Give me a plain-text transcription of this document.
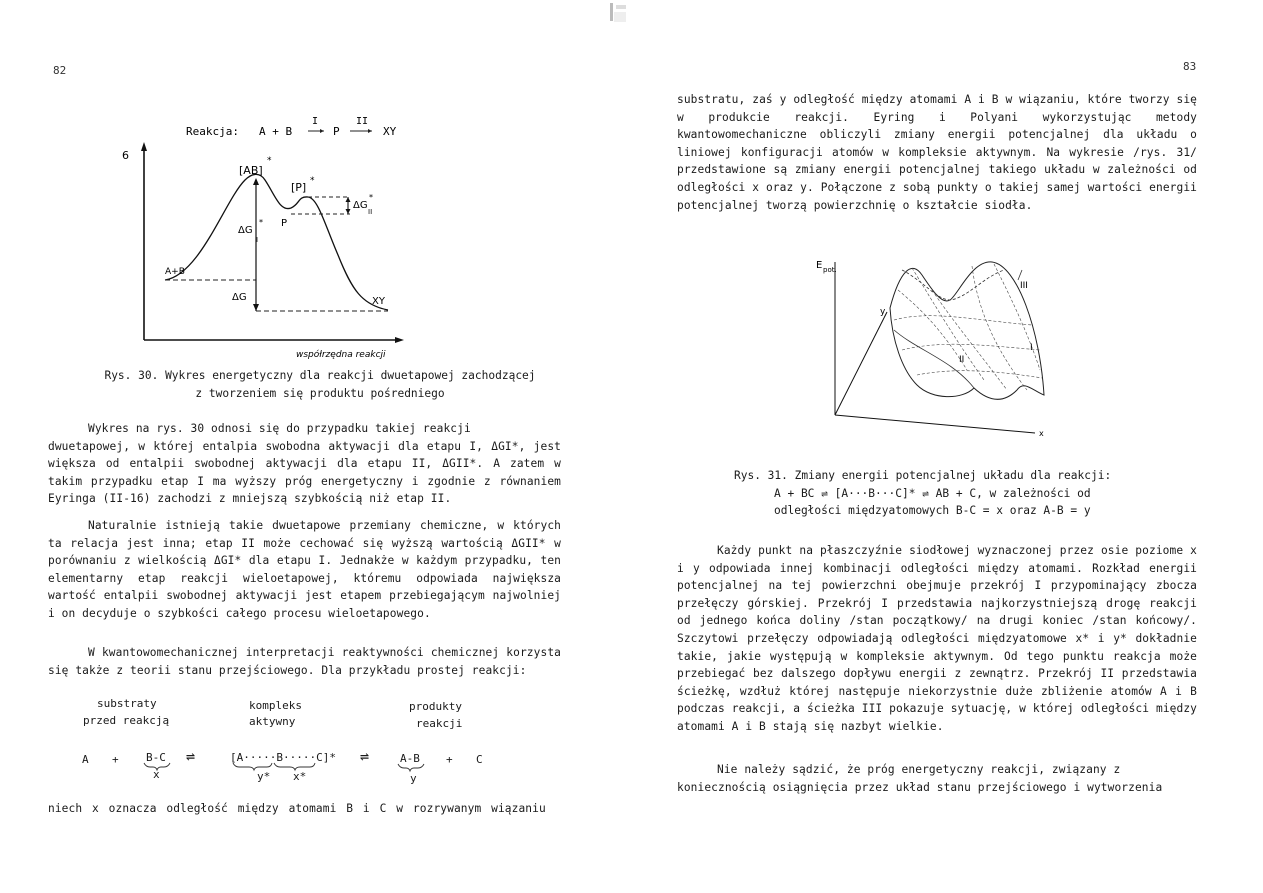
82
Reakcja: A + B
I
P
II
XY
6
współrzędna reakcji
[AB]
*
[P] *
P
A+B
XY
ΔG
I
*
ΔG
II
*
ΔG
Rys. 30. Wykres energetyczny dla reakcji dwuetapowej zachodzącej
z tworzeniem się produktu pośredniego
Wykres na rys. 30 odnosi się do przypadku takiej reakcji
dwuetapowej, w której entalpia swobodna aktywacji dla etapu I, ΔGI*, jest większa od entalpii swobodnej aktywacji dla etapu II, ΔGII*. A zatem w takim przypadku etap I ma wyższy próg energetyczny i zgodnie z równaniem Eyringa (II-16) zachodzi z mniejszą szybkością niż etap II.
Naturalnie istnieją takie dwuetapowe przemiany chemiczne, w których ta relacja jest inna; etap II może cechować się wyższą wartością ΔGII* w porównaniu z wielkością ΔGI* dla etapu I. Jednakże w każdym przypadku, ten elementarny etap reakcji wieloetapowej, któremu odpowiada największa wartość entalpii swobodnej aktywacji jest etapem przebiegającym najwolniej i on decyduje o szybkości całego procesu wieloetapowego.
W kwantowomechanicznej interpretacji reaktywności chemicznej korzysta się także z teorii stanu przejściowego. Dla przykładu prostej reakcji:
substraty
przed reakcją
kompleks
aktywny
produkty
reakcji
A + B-C
x
⇌	[A·····B·····C]*
y* x*
⇌	A-B
y
+ C
niech x oznacza odległość między atomami B i C w rozrywanym wiązaniu
83
substratu, zaś y odległość między atomami A i B w wiązaniu, które tworzy się w produkcie reakcji. Eyring i Polyani wykorzystując metody kwantowomechaniczne obliczyli zmiany energii potencjalnej dla układu o liniowej konfiguracji atomów w kompleksie aktywnym. Na wykresie /rys. 31/ przedstawione są zmiany energii potencjalnej takiego układu w zależności od odległości x oraz y. Połączone z sobą punkty o takiej samej wartości energii potencjalnej tworzą powierzchnię o kształcie siodła.
E pot.
x
y
III
II
I
Rys. 31. Zmiany energii potencjalnej układu dla reakcji:
A + BC ⇌ [A···B···C]* ⇌ AB + C, w zależności od
odległości międzyatomowych B-C = x oraz A-B = y
Każdy punkt na płaszczyźnie siodłowej wyznaczonej przez osie poziome x i y odpowiada innej kombinacji odległości między atomami. Rozkład energii potencjalnej na tej powierzchni obejmuje przekrój I przypominający zbocza przełęczy górskiej. Przekrój I przedstawia najkorzystniejszą drogę reakcji od jednego końca doliny /stan początkowy/ na drugi koniec /stan końcowy/. Szczytowi przełęczy odpowiadają odległości międzyatomowe x* i y* dokładnie takie, jakie występują w kompleksie aktywnym. Od tego punktu reakcja może przebiegać bez dalszego dopływu energii z zewnątrz. Przekrój II przedstawia ścieżkę, wzdłuż której następuje niekorzystnie duże zbliżenie atomów A i B podczas reakcji, a ścieżka III pokazuje sytuację, w której odległości między atomami A i B stają się nazbyt wielkie.
Nie należy sądzić, że próg energetyczny reakcji, związany z
koniecznością osiągnięcia przez układ stanu przejściowego i wytworzenia
